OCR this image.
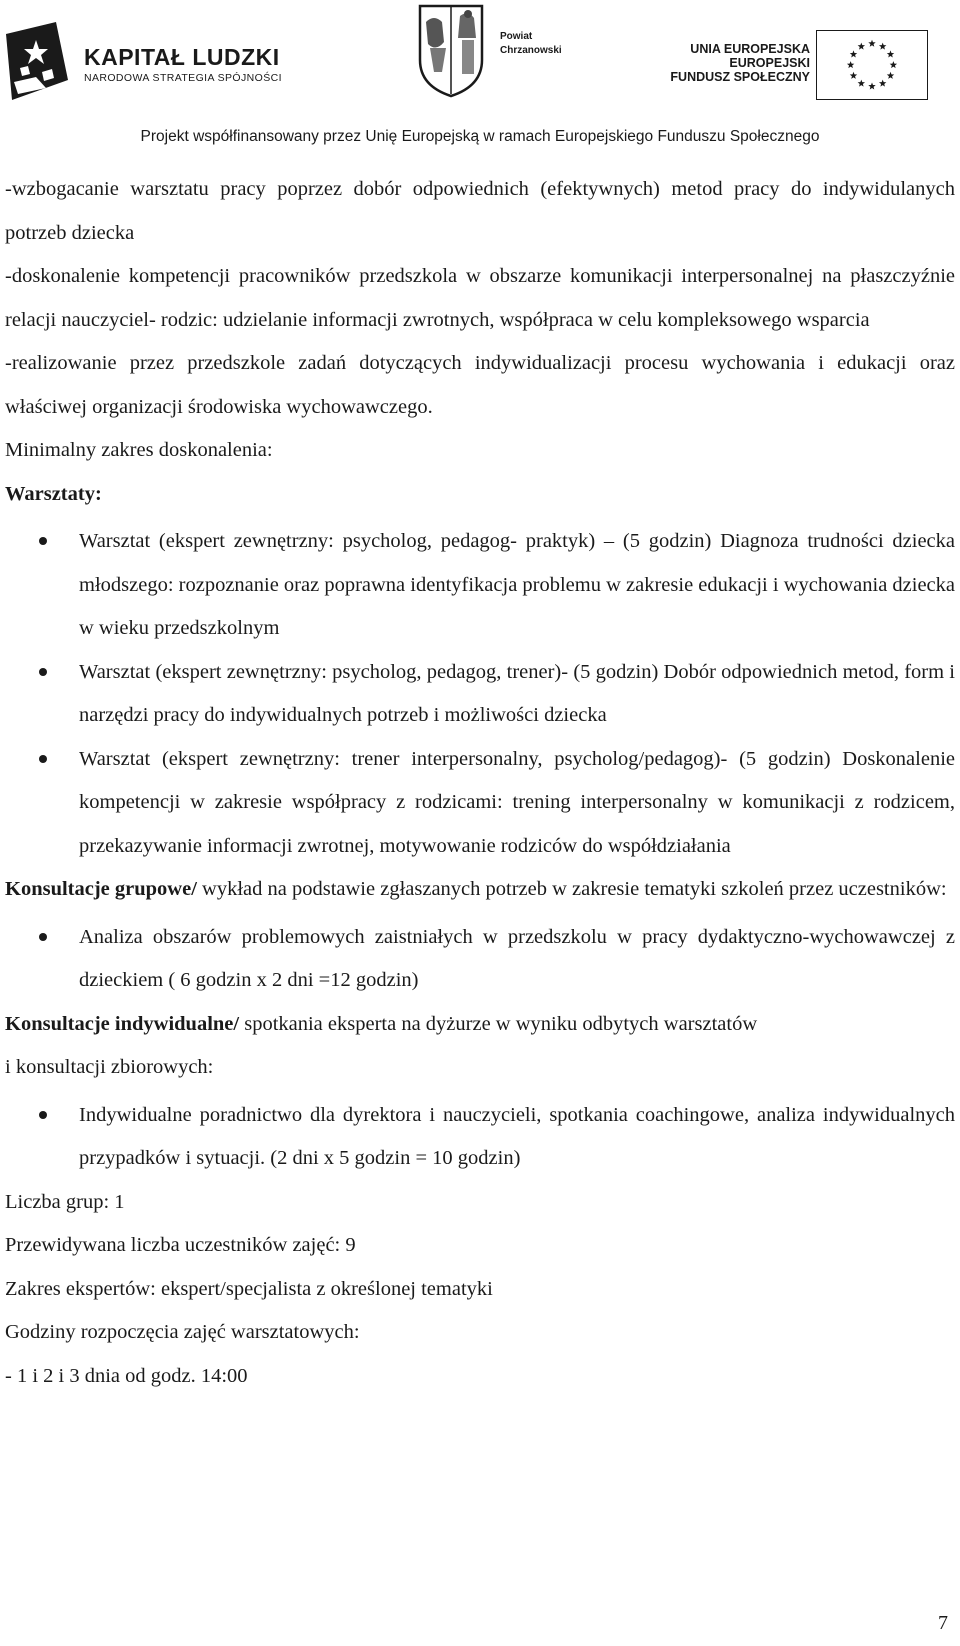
KAPITAŁ LUDZKI
NARODOWA STRATEGIA SPÓJNOŚCI
Powiat
Chrzanowski	UNIA EUROPEJSKA
EUROPEJSKI
FUNDUSZ SPOŁECZNY
Projekt współfinansowany przez Unię Europejską w ramach Europejskiego Funduszu Społecznego

-wzbogacanie warsztatu pracy poprzez dobór odpowiednich (efektywnych) metod pracy do indywidulanych potrzeb dziecka

-doskonalenie kompetencji pracowników przedszkola w obszarze komunikacji interpersonalnej na płaszczyźnie relacji nauczyciel- rodzic: udzielanie informacji zwrotnych, współpraca w celu kompleksowego wsparcia

-realizowanie przez przedszkole zadań dotyczących indywidualizacji procesu wychowania i edukacji oraz właściwej organizacji środowiska wychowawczego.

Minimalny zakres doskonalenia:

Warsztaty:

Warsztat (ekspert zewnętrzny: psycholog, pedagog- praktyk) – (5 godzin) Diagnoza trudności dziecka młodszego: rozpoznanie oraz poprawna identyfikacja problemu w zakresie edukacji i wychowania dziecka w wieku przedszkolnym
Warsztat (ekspert zewnętrzny: psycholog, pedagog, trener)- (5 godzin) Dobór odpowiednich metod, form i narzędzi pracy do indywidualnych potrzeb i możliwości dziecka
Warsztat (ekspert zewnętrzny: trener interpersonalny, psycholog/pedagog)- (5 godzin) Doskonalenie kompetencji w zakresie współpracy z rodzicami: trening interpersonalny w komunikacji z rodzicem, przekazywanie informacji zwrotnej, motywowanie rodziców do współdziałania

Konsultacje grupowe/ wykład na podstawie zgłaszanych potrzeb w zakresie tematyki szkoleń przez uczestników:

Analiza obszarów problemowych zaistniałych w przedszkolu w pracy dydaktyczno-wychowawczej z dzieckiem ( 6 godzin x 2 dni =12 godzin)

Konsultacje indywidualne/ spotkania eksperta na dyżurze w wyniku odbytych warsztatów
i konsultacji zbiorowych:

Indywidualne poradnictwo dla dyrektora i nauczycieli, spotkania coachingowe, analiza indywidualnych przypadków i sytuacji. (2 dni x 5 godzin = 10 godzin)

Liczba grup: 1

Przewidywana liczba uczestników zajęć: 9

Zakres ekspertów: ekspert/specjalista z określonej tematyki

Godziny rozpoczęcia zajęć warsztatowych:

- 1 i 2 i 3 dnia od godz. 14:00

7
